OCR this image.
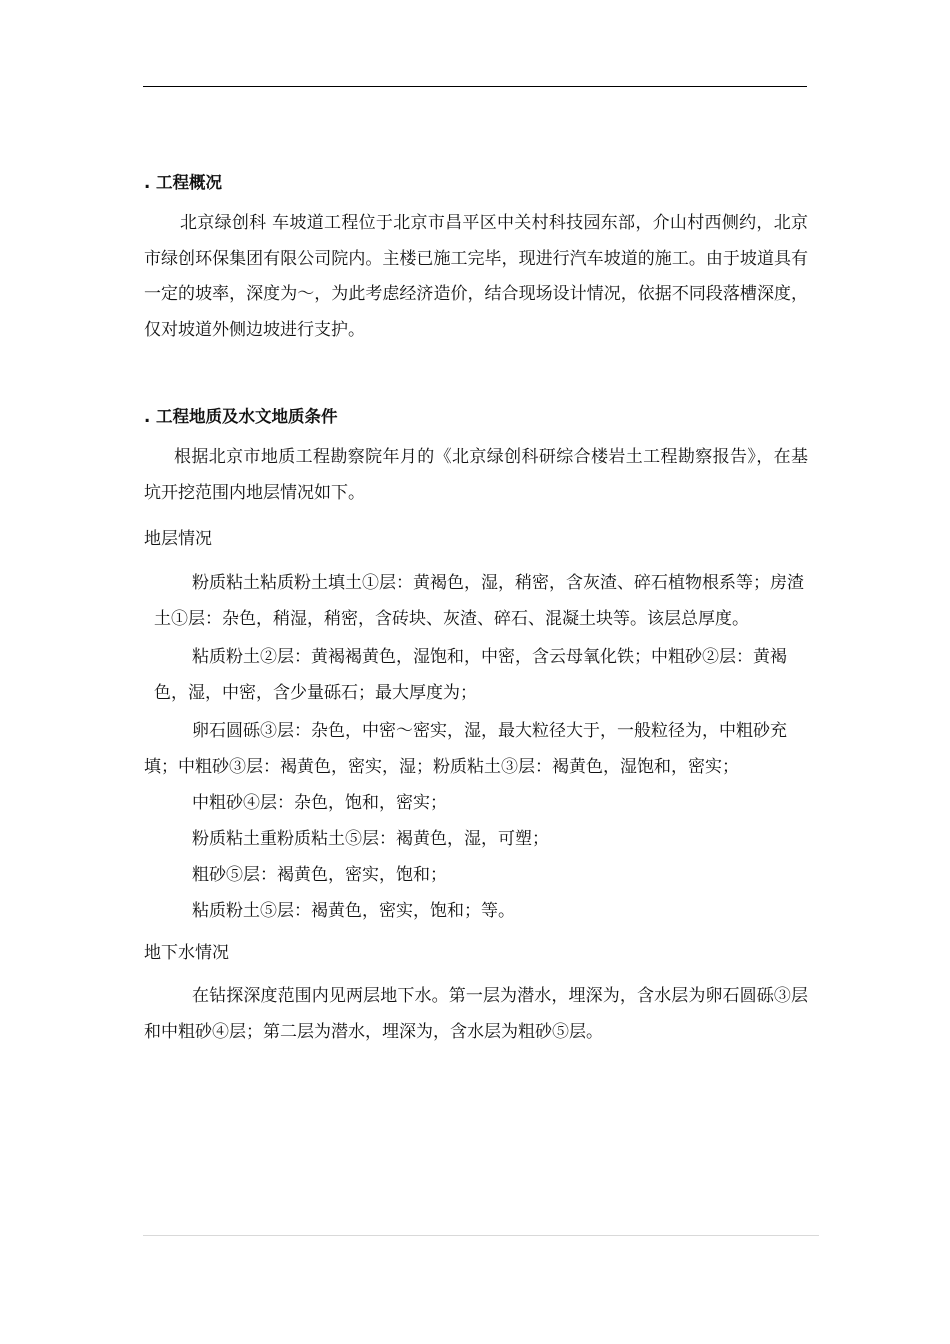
. 工程概况

北京绿创科 车坡道工程位于北京市昌平区中关村科技园东部，介山村西侧约，北京市绿创环保集团有限公司院内。主楼已施工完毕，现进行汽车坡道的施工。由于坡道具有一定的坡率，深度为～，为此考虑经济造价，结合现场设计情况，依据不同段落槽深度，仅对坡道外侧边坡进行支护。

. 工程地质及水文地质条件

根据北京市地质工程勘察院年月的《北京绿创科研综合楼岩土工程勘察报告》，在基坑开挖范围内地层情况如下。

地层情况

粉质粘土粘质粉土填土①层：黄褐色，湿，稍密，含灰渣、碎石植物根系等；房渣土①层：杂色，稍湿，稍密，含砖块、灰渣、碎石、混凝土块等。该层总厚度。

粘质粉土②层：黄褐褐黄色，湿饱和，中密，含云母氧化铁；中粗砂②层：黄褐色，湿，中密，含少量砾石；最大厚度为；

卵石圆砾③层：杂色，中密～密实，湿，最大粒径大于，一般粒径为，中粗砂充填；中粗砂③层：褐黄色，密实，湿；粉质粘土③层：褐黄色，湿饱和，密实；

中粗砂④层：杂色，饱和，密实；

粉质粘土重粉质粘土⑤层：褐黄色，湿，可塑；

粗砂⑤层：褐黄色，密实，饱和；

粘质粉土⑤层：褐黄色，密实，饱和；等。

地下水情况

在钻探深度范围内见两层地下水。第一层为潜水，埋深为，含水层为卵石圆砾③层和中粗砂④层；第二层为潜水，埋深为，含水层为粗砂⑤层。
